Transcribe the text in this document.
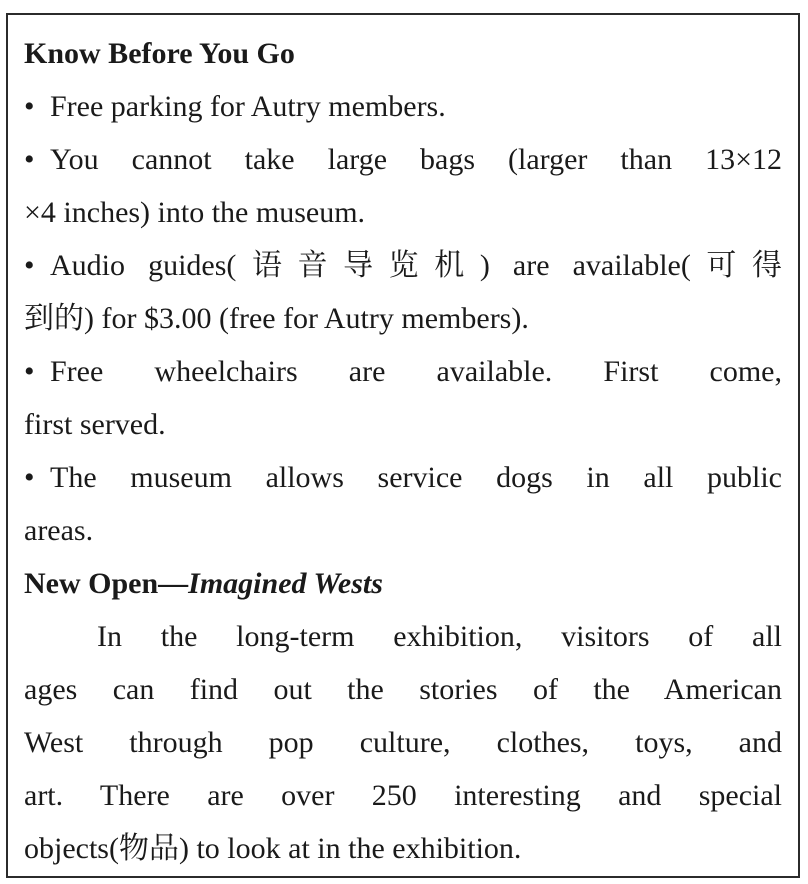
Know Before You Go
• Free parking for Autry members.
• You cannot take large bags (larger than 13×12
×4 inches) into the museum.
• Audio guides(语音导览机) are available(可得
到的) for $3.00 (free for Autry members).
• Free wheelchairs are available. First come,
first served.
• The museum allows service dogs in all public
areas.
New Open—Imagined Wests
In the long-term exhibition, visitors of all
ages can find out the stories of the American
West through pop culture, clothes, toys, and
art. There are over 250 interesting and special
objects(物品) to look at in the exhibition.
